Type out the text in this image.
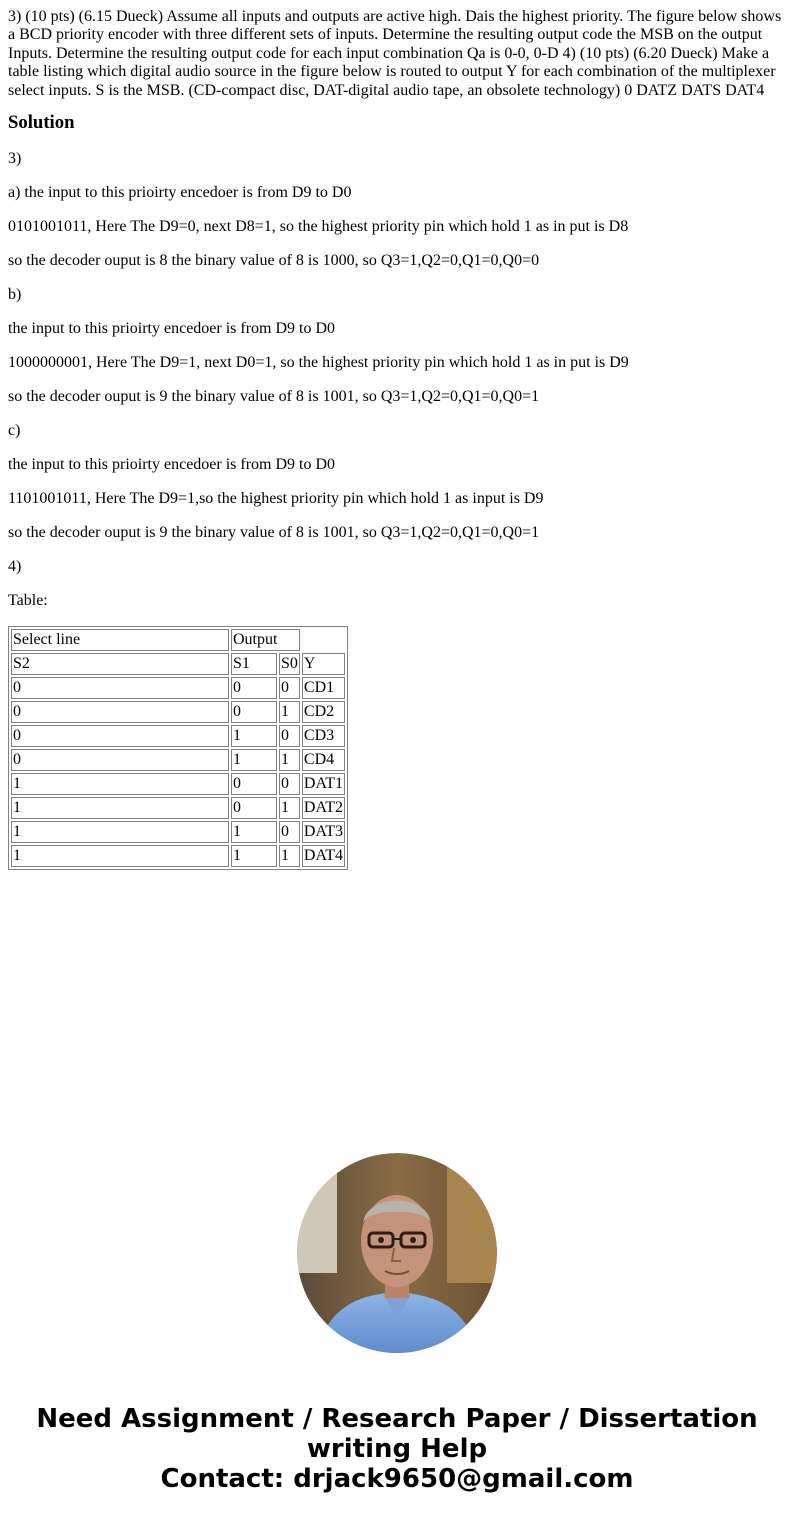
3) (10 pts) (6.15 Dueck) Assume all inputs and outputs are active high. Dais the highest priority. The figure below shows a BCD priority encoder with three different sets of inputs. Determine the resulting output code the MSB on the output Inputs. Determine the resulting output code for each input combination Qa is 0-0, 0-D 4) (10 pts) (6.20 Dueck) Make a table listing which digital audio source in the figure below is routed to output Y for each combination of the multiplexer select inputs. S is the MSB. (CD-compact disc, DAT-digital audio tape, an obsolete technology) 0 DATZ DATS DAT4

Solution

3)

a) the input to this prioirty encedoer is from D9 to D0

0101001011, Here The D9=0, next D8=1, so the highest priority pin which hold 1 as in put is D8

so the decoder ouput is 8 the binary value of 8 is 1000, so Q3=1,Q2=0,Q1=0,Q0=0

b)

the input to this prioirty encedoer is from D9 to D0

1000000001, Here The D9=1, next D0=1, so the highest priority pin which hold 1 as in put is D9

so the decoder ouput is 9 the binary value of 8 is 1001, so Q3=1,Q2=0,Q1=0,Q0=1

c)

the input to this prioirty encedoer is from D9 to D0

1101001011, Here The D9=1,so the highest priority pin which hold 1 as input is D9

so the decoder ouput is 9 the binary value of 8 is 1001, so Q3=1,Q2=0,Q1=0,Q0=1

4)

Table:

Select line	Output		
S2	S1	S0	Y
0	0	0	CD1
0	0	1	CD2
0	1	0	CD3
0	1	1	CD4
1	0	0	DAT1
1	0	1	DAT2
1	1	0	DAT3
1	1	1	DAT4
Need Assignment / Research Paper / Dissertation
writing Help
Contact: drjack9650@gmail.com
